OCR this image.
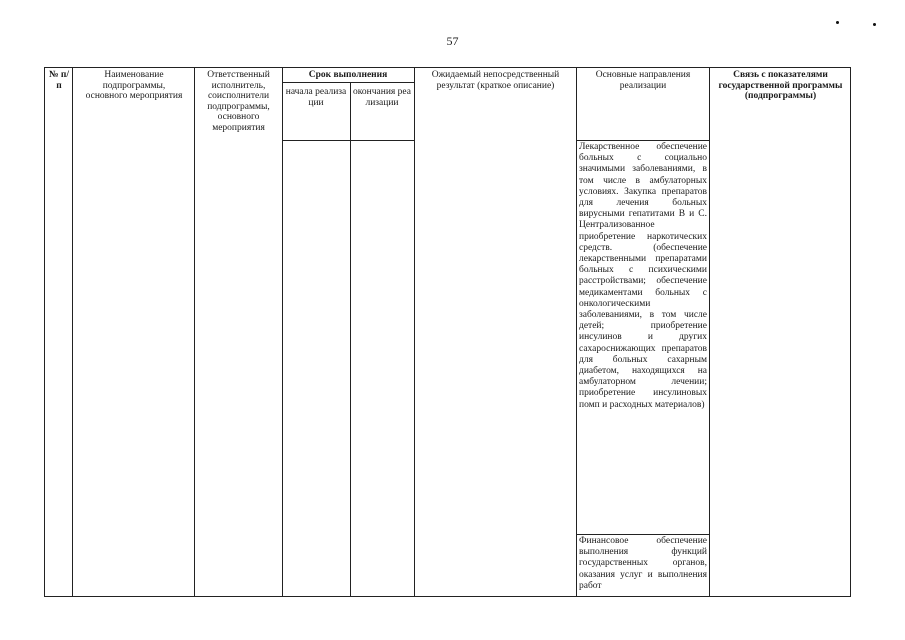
57
№ п/п
Наименование подпрограммы, основного мероприятия
Ответственный исполнитель, соисполнители подпрограммы, основного мероприятия
Срок выполнения
начала реализации
окончания реализации
Ожидаемый непосредственный результат (краткое описание)
Основные направления реализации
Связь с показателями государственной программы (подпрограммы)

Лекарственное обеспечение больных с социально значимыми заболеваниями, в том числе в амбулаторных условиях. Закупка препаратов для лечения больных вирусными гепатитами В и С. Централизованное приобретение наркотических средств. (обеспечение лекарственными препаратами больных с психическими расстройствами; обеспечение медикаментами больных с онкологическими заболеваниями, в том числе детей; приобретение инсулинов и других сахароснижающих препаратов для больных сахарным диабетом, находящихся на амбулаторном лечении; приобретение инсулиновых помп и расходных материалов)

Финансовое обеспечение выполнения функций государственных органов, оказания услуг и выполнения работ
